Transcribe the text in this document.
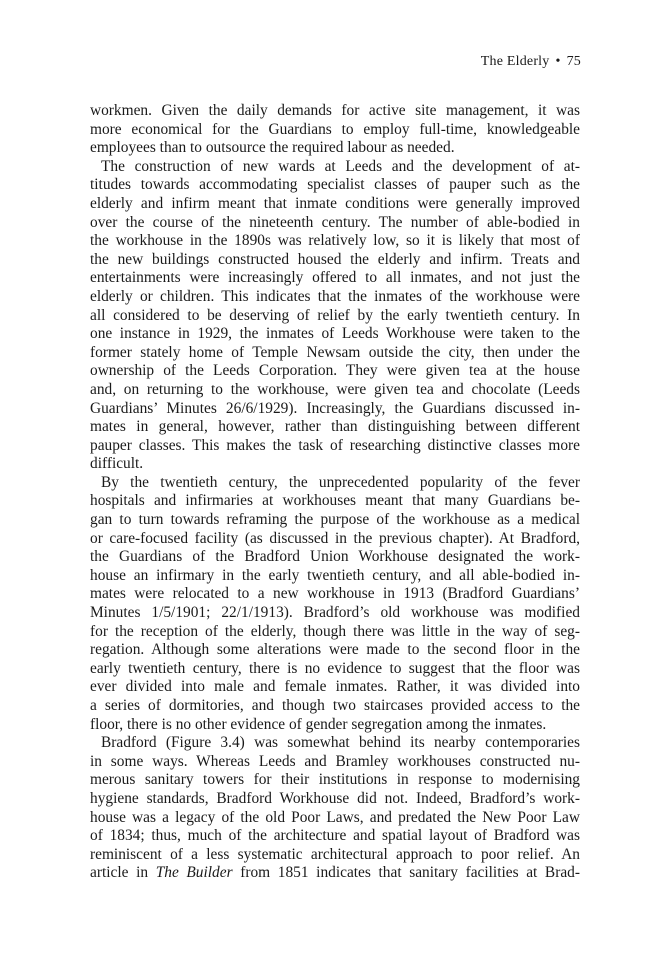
The Elderly • 75
workmen. Given the daily demands for active site management, it was
more economical for the Guardians to employ full-time, knowledgeable
employees than to outsource the required labour as needed.
The construction of new wards at Leeds and the development of at-
titudes towards accommodating specialist classes of pauper such as the
elderly and infirm meant that inmate conditions were generally improved
over the course of the nineteenth century. The number of able-bodied in
the workhouse in the 1890s was relatively low, so it is likely that most of
the new buildings constructed housed the elderly and infirm. Treats and
entertainments were increasingly offered to all inmates, and not just the
elderly or children. This indicates that the inmates of the workhouse were
all considered to be deserving of relief by the early twentieth century. In
one instance in 1929, the inmates of Leeds Workhouse were taken to the
former stately home of Temple Newsam outside the city, then under the
ownership of the Leeds Corporation. They were given tea at the house
and, on returning to the workhouse, were given tea and chocolate (Leeds
Guardians’ Minutes 26/6/1929). Increasingly, the Guardians discussed in-
mates in general, however, rather than distinguishing between different
pauper classes. This makes the task of researching distinctive classes more
difficult.
By the twentieth century, the unprecedented popularity of the fever
hospitals and infirmaries at workhouses meant that many Guardians be-
gan to turn towards reframing the purpose of the workhouse as a medical
or care-focused facility (as discussed in the previous chapter). At Bradford,
the Guardians of the Bradford Union Workhouse designated the work-
house an infirmary in the early twentieth century, and all able-bodied in-
mates were relocated to a new workhouse in 1913 (Bradford Guardians’
Minutes 1/5/1901; 22/1/1913). Bradford’s old workhouse was modified
for the reception of the elderly, though there was little in the way of seg-
regation. Although some alterations were made to the second floor in the
early twentieth century, there is no evidence to suggest that the floor was
ever divided into male and female inmates. Rather, it was divided into
a series of dormitories, and though two staircases provided access to the
floor, there is no other evidence of gender segregation among the inmates.
Bradford (Figure 3.4) was somewhat behind its nearby contemporaries
in some ways. Whereas Leeds and Bramley workhouses constructed nu-
merous sanitary towers for their institutions in response to modernising
hygiene standards, Bradford Workhouse did not. Indeed, Bradford’s work-
house was a legacy of the old Poor Laws, and predated the New Poor Law
of 1834; thus, much of the architecture and spatial layout of Bradford was
reminiscent of a less systematic architectural approach to poor relief. An
article in The Builder from 1851 indicates that sanitary facilities at Brad-
